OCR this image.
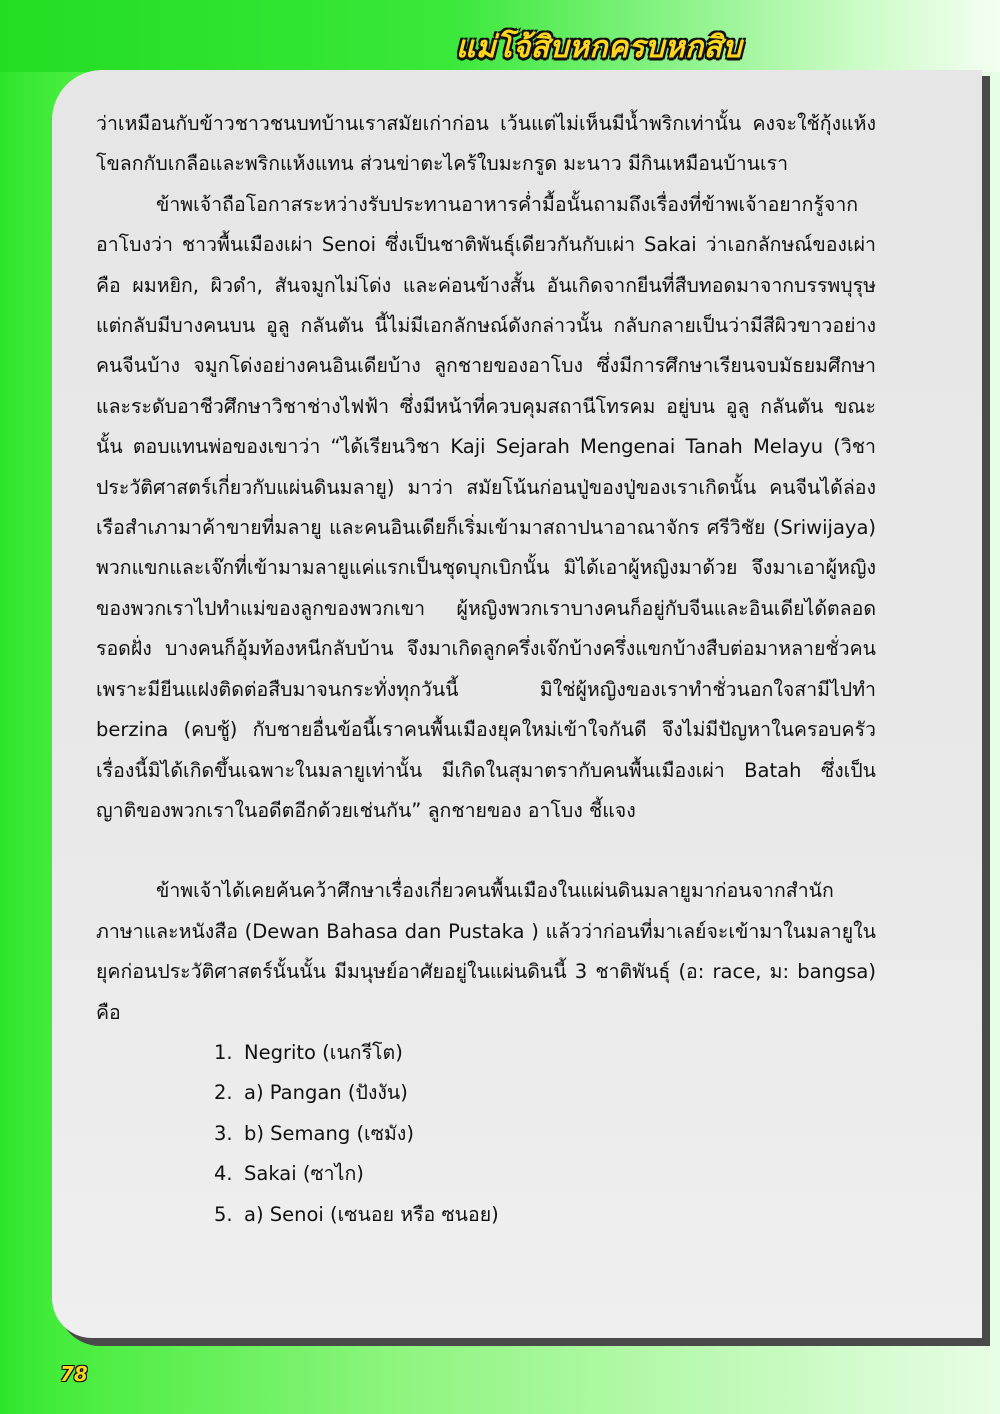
แม่โจ้สิบหกครบหกสิบ

ว่าเหมือนกับข้าวชาวชนบทบ้านเราสมัยเก่าก่อน เว้นแต่ไม่เห็นมีน้ำพริกเท่านั้น คงจะใช้กุ้งแห้งโขลกกับเกลือและพริกแห้งแทน ส่วนข่าตะไคร้ใบมะกรูด มะนาว มีกินเหมือนบ้านเรา

ข้าพเจ้าถือโอกาสระหว่างรับประทานอาหารค่ำมื้อนั้นถามถึงเรื่องที่ข้าพเจ้าอยากรู้จาก อาโบงว่า ชาวพื้นเมืองเผ่า Senoi ซึ่งเป็นชาติพันธุ์เดียวกันกับเผ่า Sakai ว่าเอกลักษณ์ของเผ่าคือ ผมหยิก, ผิวดำ, สันจมูกไม่โด่ง และค่อนข้างสั้น อันเกิดจากยีนที่สืบทอดมาจากบรรพบุรุษ แต่กลับมีบางคนบน อูลู กลันตัน นี้ไม่มีเอกลักษณ์ดังกล่าวนั้น กลับกลายเป็นว่ามีสีผิวขาวอย่างคนจีนบ้าง จมูกโด่งอย่างคนอินเดียบ้าง ลูกชายของอาโบง ซึ่งมีการศึกษาเรียนจบมัธยมศึกษาและระดับอาชีวศึกษาวิชาช่างไฟฟ้า ซึ่งมีหน้าที่ควบคุมสถานีโทรคม อยู่บน อูลู กลันตัน ขณะนั้น ตอบแทนพ่อของเขาว่า “ได้เรียนวิชา Kaji Sejarah Mengenai Tanah Melayu (วิชาประวัติศาสตร์เกี่ยวกับแผ่นดินมลายู) มาว่า สมัยโน้นก่อนปู่ของปู่ของเราเกิดนั้น คนจีนได้ล่องเรือสำเภามาค้าขายที่มลายู และคนอินเดียก็เริ่มเข้ามาสถาปนาอาณาจักร ศรีวิชัย (Sriwijaya) พวกแขกและเจ๊กที่เข้ามามลายูแค่แรกเป็นชุดบุกเบิกนั้น มิได้เอาผู้หญิงมาด้วย จึงมาเอาผู้หญิงของพวกเราไปทำแม่ของลูกของพวกเขา ผู้หญิงพวกเราบางคนก็อยู่กับจีนและอินเดียได้ตลอดรอดฝั่ง บางคนก็อุ้มท้องหนีกลับบ้าน จึงมาเกิดลูกครึ่งเจ๊กบ้างครึ่งแขกบ้างสืบต่อมาหลายชั่วคน เพราะมียีนแฝงติดต่อสืบมาจนกระทั่งทุกวันนี้ มิใช่ผู้หญิงของเราทำชั่วนอกใจสามีไปทำ berzina (คบชู้) กับชายอื่นข้อนี้เราคนพื้นเมืองยุคใหม่เข้าใจกันดี จึงไม่มีปัญหาในครอบครัว เรื่องนี้มิได้เกิดขึ้นเฉพาะในมลายูเท่านั้น มีเกิดในสุมาตรากับคนพื้นเมืองเผ่า Batah ซึ่งเป็นญาติของพวกเราในอดีตอีกด้วยเช่นกัน” ลูกชายของ อาโบง ชี้แจง

ข้าพเจ้าได้เคยค้นคว้าศึกษาเรื่องเกี่ยวคนพื้นเมืองในแผ่นดินมลายูมาก่อนจากสำนักภาษาและหนังสือ (Dewan Bahasa dan Pustaka ) แล้วว่าก่อนที่มาเลย์จะเข้ามาในมลายูในยุคก่อนประวัติศาสตร์นั้นนั้น มีมนุษย์อาศัยอยู่ในแผ่นดินนี้ 3 ชาติพันธุ์ (อ: race, ม: bangsa) คือ

1. Negrito (เนกรีโต)
2. a) Pangan (ปังงัน)
3. b) Semang (เซมัง)
4. Sakai (ซาไก)
5. a) Senoi (เซนอย หรือ ซนอย)
78
